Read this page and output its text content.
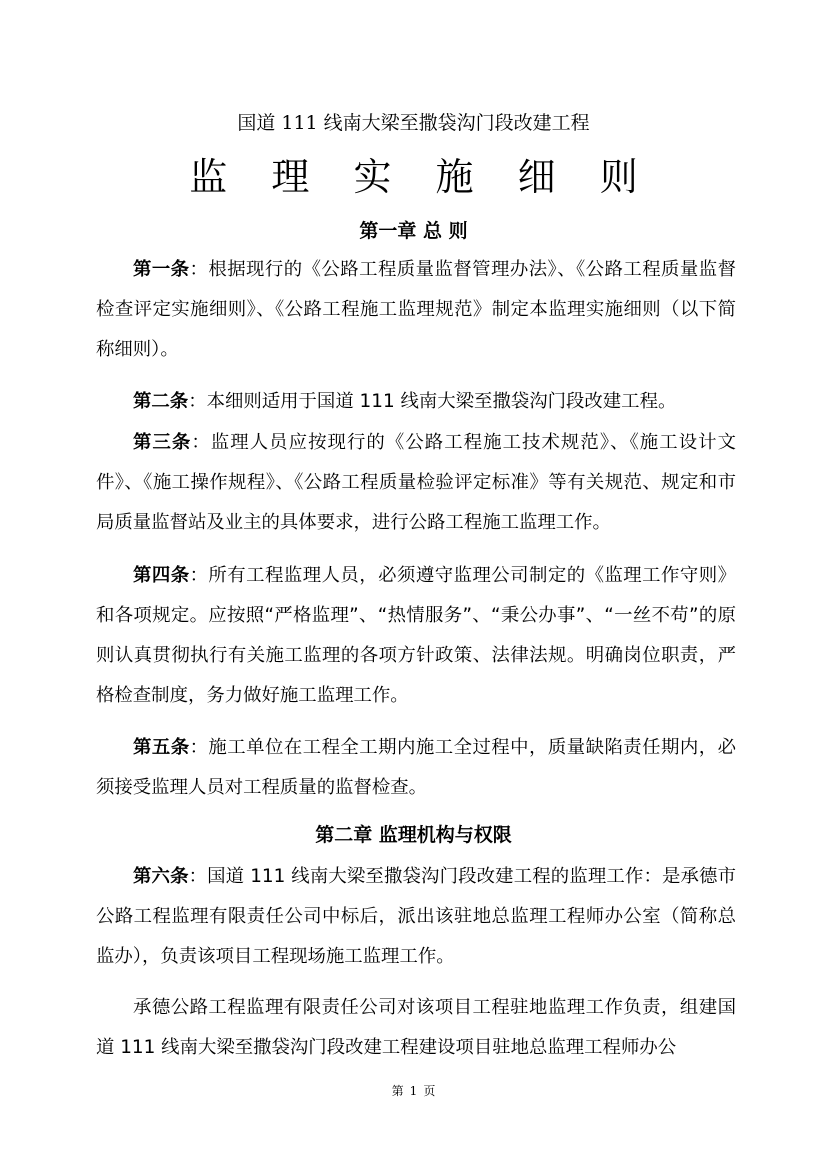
国道 111 线南大梁至撒袋沟门段改建工程
监 理 实 施 细 则
第一章 总 则

第一条：根据现行的《公路工程质量监督管理办法》、《公路工程质量监督检查评定实施细则》、《公路工程施工监理规范》制定本监理实施细则（以下简称细则）。

第二条：本细则适用于国道 111 线南大梁至撒袋沟门段改建工程。

第三条：监理人员应按现行的《公路工程施工技术规范》、《施工设计文件》、《施工操作规程》、《公路工程质量检验评定标准》等有关规范、规定和市局质量监督站及业主的具体要求，进行公路工程施工监理工作。

第四条：所有工程监理人员，必须遵守监理公司制定的《监理工作守则》和各项规定。应按照“严格监理”、“热情服务”、“秉公办事”、“一丝不苟”的原则认真贯彻执行有关施工监理的各项方针政策、法律法规。明确岗位职责，严格检查制度，务力做好施工监理工作。

第五条：施工单位在工程全工期内施工全过程中，质量缺陷责任期内，必须接受监理人员对工程质量的监督检查。

第二章 监理机构与权限

第六条：国道 111 线南大梁至撒袋沟门段改建工程的监理工作：是承德市公路工程监理有限责任公司中标后，派出该驻地总监理工程师办公室（简称总监办），负责该项目工程现场施工监理工作。

承德公路工程监理有限责任公司对该项目工程驻地监理工作负责，组建国道 111 线南大梁至撒袋沟门段改建工程建设项目驻地总监理工程师办公

第 1 页
